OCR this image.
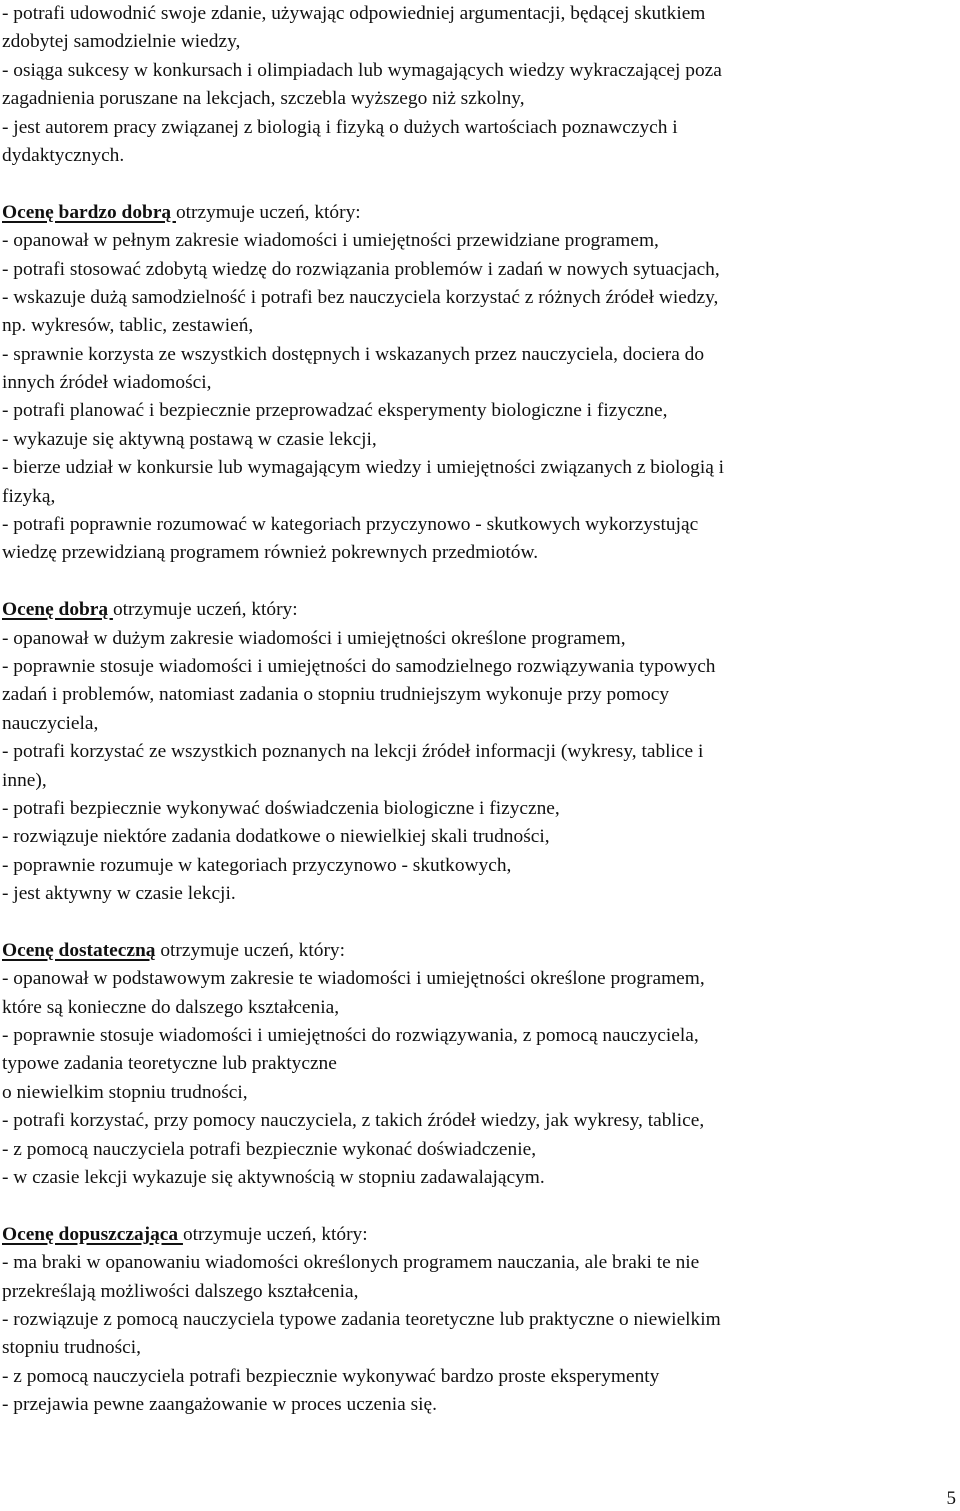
- potrafi udowodnić swoje zdanie, używając odpowiedniej argumentacji, będącej skutkiem
zdobytej samodzielnie wiedzy,
- osiąga sukcesy w konkursach i olimpiadach lub wymagających wiedzy wykraczającej poza
zagadnienia poruszane na lekcjach, szczebla wyższego niż szkolny,
- jest autorem pracy związanej z biologią i fizyką o dużych wartościach poznawczych i
dydaktycznych.
Ocenę bardzo dobrą otrzymuje uczeń, który:
- opanował w pełnym zakresie wiadomości i umiejętności przewidziane programem,
- potrafi stosować zdobytą wiedzę do rozwiązania problemów i zadań w nowych sytuacjach,
- wskazuje dużą samodzielność i potrafi bez nauczyciela korzystać z różnych źródeł wiedzy,
np. wykresów, tablic, zestawień,
- sprawnie korzysta ze wszystkich dostępnych i wskazanych przez nauczyciela, dociera do
innych źródeł wiadomości,
- potrafi planować i bezpiecznie przeprowadzać eksperymenty biologiczne i fizyczne,
- wykazuje się aktywną postawą w czasie lekcji,
- bierze udział w konkursie lub wymagającym wiedzy i umiejętności związanych z biologią i
fizyką,
- potrafi poprawnie rozumować w kategoriach przyczynowo - skutkowych wykorzystując
wiedzę przewidzianą programem również pokrewnych przedmiotów.
Ocenę dobrą otrzymuje uczeń, który:
- opanował w dużym zakresie wiadomości i umiejętności określone programem,
- poprawnie stosuje wiadomości i umiejętności do samodzielnego rozwiązywania typowych
zadań i problemów, natomiast zadania o stopniu trudniejszym wykonuje przy pomocy
nauczyciela,
- potrafi korzystać ze wszystkich poznanych na lekcji źródeł informacji (wykresy, tablice i
inne),
- potrafi bezpiecznie wykonywać doświadczenia biologiczne i fizyczne,
- rozwiązuje niektóre zadania dodatkowe o niewielkiej skali trudności,
- poprawnie rozumuje w kategoriach przyczynowo - skutkowych,
- jest aktywny w czasie lekcji.
Ocenę dostateczną otrzymuje uczeń, który:
- opanował w podstawowym zakresie te wiadomości i umiejętności określone programem,
które są konieczne do dalszego kształcenia,
- poprawnie stosuje wiadomości i umiejętności do rozwiązywania, z pomocą nauczyciela,
typowe zadania teoretyczne lub praktyczne
o niewielkim stopniu trudności,
- potrafi korzystać, przy pomocy nauczyciela, z takich źródeł wiedzy, jak wykresy, tablice,
- z pomocą nauczyciela potrafi bezpiecznie wykonać doświadczenie,
- w czasie lekcji wykazuje się aktywnością w stopniu zadawalającym.
Ocenę dopuszczająca otrzymuje uczeń, który:
- ma braki w opanowaniu wiadomości określonych programem nauczania, ale braki te nie
przekreślają możliwości dalszego kształcenia,
- rozwiązuje z pomocą nauczyciela typowe zadania teoretyczne lub praktyczne o niewielkim
stopniu trudności,
- z pomocą nauczyciela potrafi bezpiecznie wykonywać bardzo proste eksperymenty
- przejawia pewne zaangażowanie w proces uczenia się.
5
